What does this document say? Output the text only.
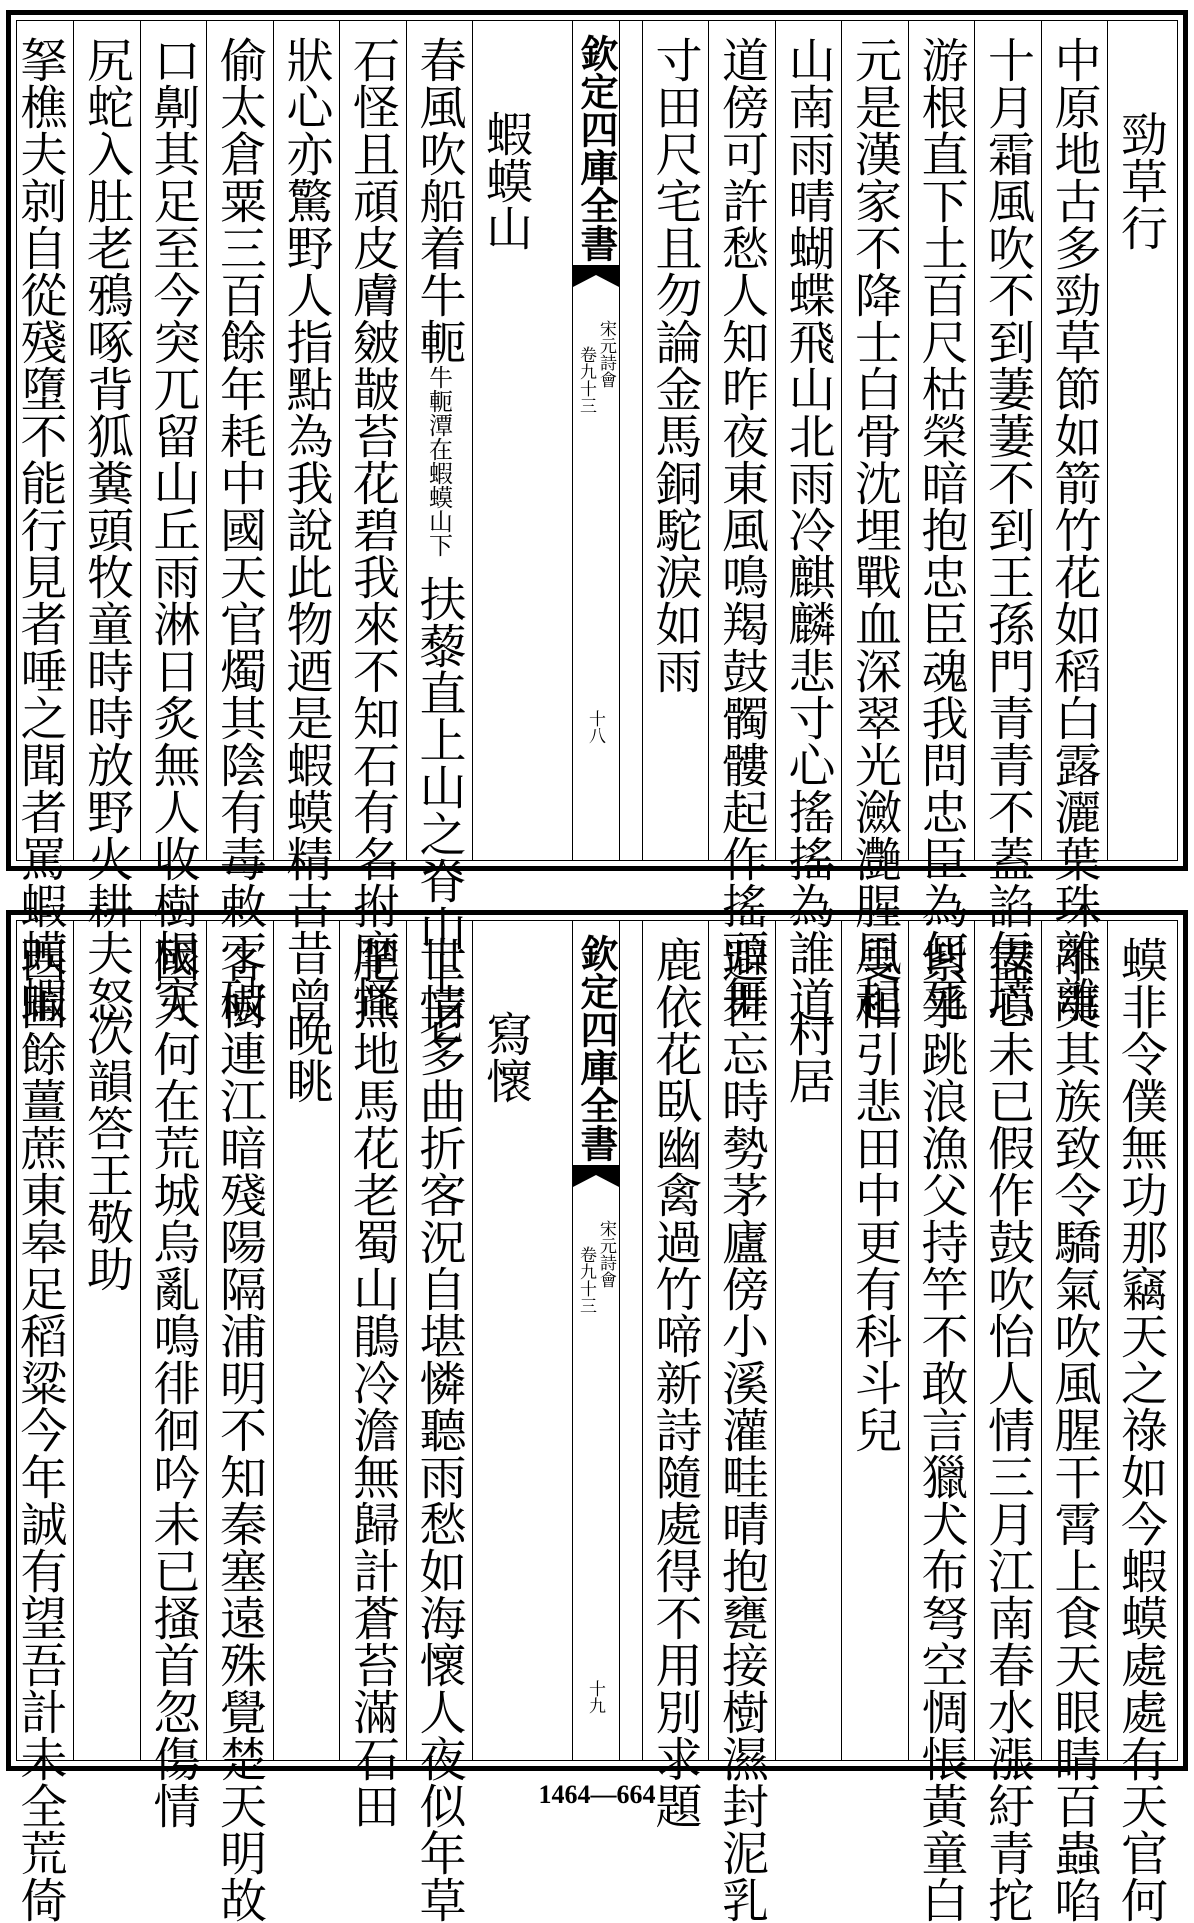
欽定四庫全書
宋元詩會
卷九十三
十八
勁草行
中原地古多勁草節如箭竹花如稻白露灑葉珠離離
十月霜風吹不到萋萋不到王孫門青青不蓋諂佞墳
游根直下土百尺枯榮暗抱忠臣魂我問忠臣為何死
元是漢家不降士白骨沈埋戰血深翠光瀲灔腥風起
山南雨晴蝴蝶飛山北雨冷麒麟悲寸心搖搖為誰道
道傍可許愁人知昨夜東風鳴羯鼓髑髏起作搖頭舞
寸田尺宅且勿論金馬銅駝淚如雨
蝦蟆山
春風吹船着牛軛牛軛潭在蝦蟆山下扶藜直上山之脊山上老
石怪且頑皮膚皴皵苔花碧我來不知石有名拊摩怪
狀心亦驚野人指點為我說此物迺是蝦蟆精古昔曾
偷太倉粟三百餘年耗中國天官燭其陰有毒敕丁破
口劓其足至今突兀留山丘雨淋日炙無人收樹根穿
尻蛇入肚老鴉啄背狐糞頭牧童時時放野火耕夫怒
拏樵夫剠自從殘墮不能行見者唾之聞者罵蝦蟆蝦
欽定四庫全書
宋元詩會
卷九十三
十九	蟆非令僕無功那竊天之祿如今蝦蟆處處有天官何
不夷其族致令驕氣吹風腥干霄上食天眼睛百蟲啗
盡心未已假作鼓吹怡人情三月江南春水漲紆青拕
紫爭跳浪漁父持竿不敢言獵犬布弩空惆悵黃童白
叟相引悲田中更有科斗兒
村居
避世忘時勢茅廬傍小溪灌畦晴抱甕接樹濕封泥乳
鹿依花臥幽禽過竹啼新詩隨處得不用別求題
寫懷
世情多曲折客況自堪憐聽雨愁如海懷人夜似年草
肥燕地馬花老蜀山鵑冷澹無歸計蒼苔滿石田
晚眺
客樹連江暗殘陽隔浦明不知秦塞遠殊覺楚天明故
國人何在荒城烏亂鳴徘徊吟未已搔首忽傷情
次韻答王敬助
西圃餘薑蔗東皋足稻粱今年誠有望吾計未全荒倚	1464—664
